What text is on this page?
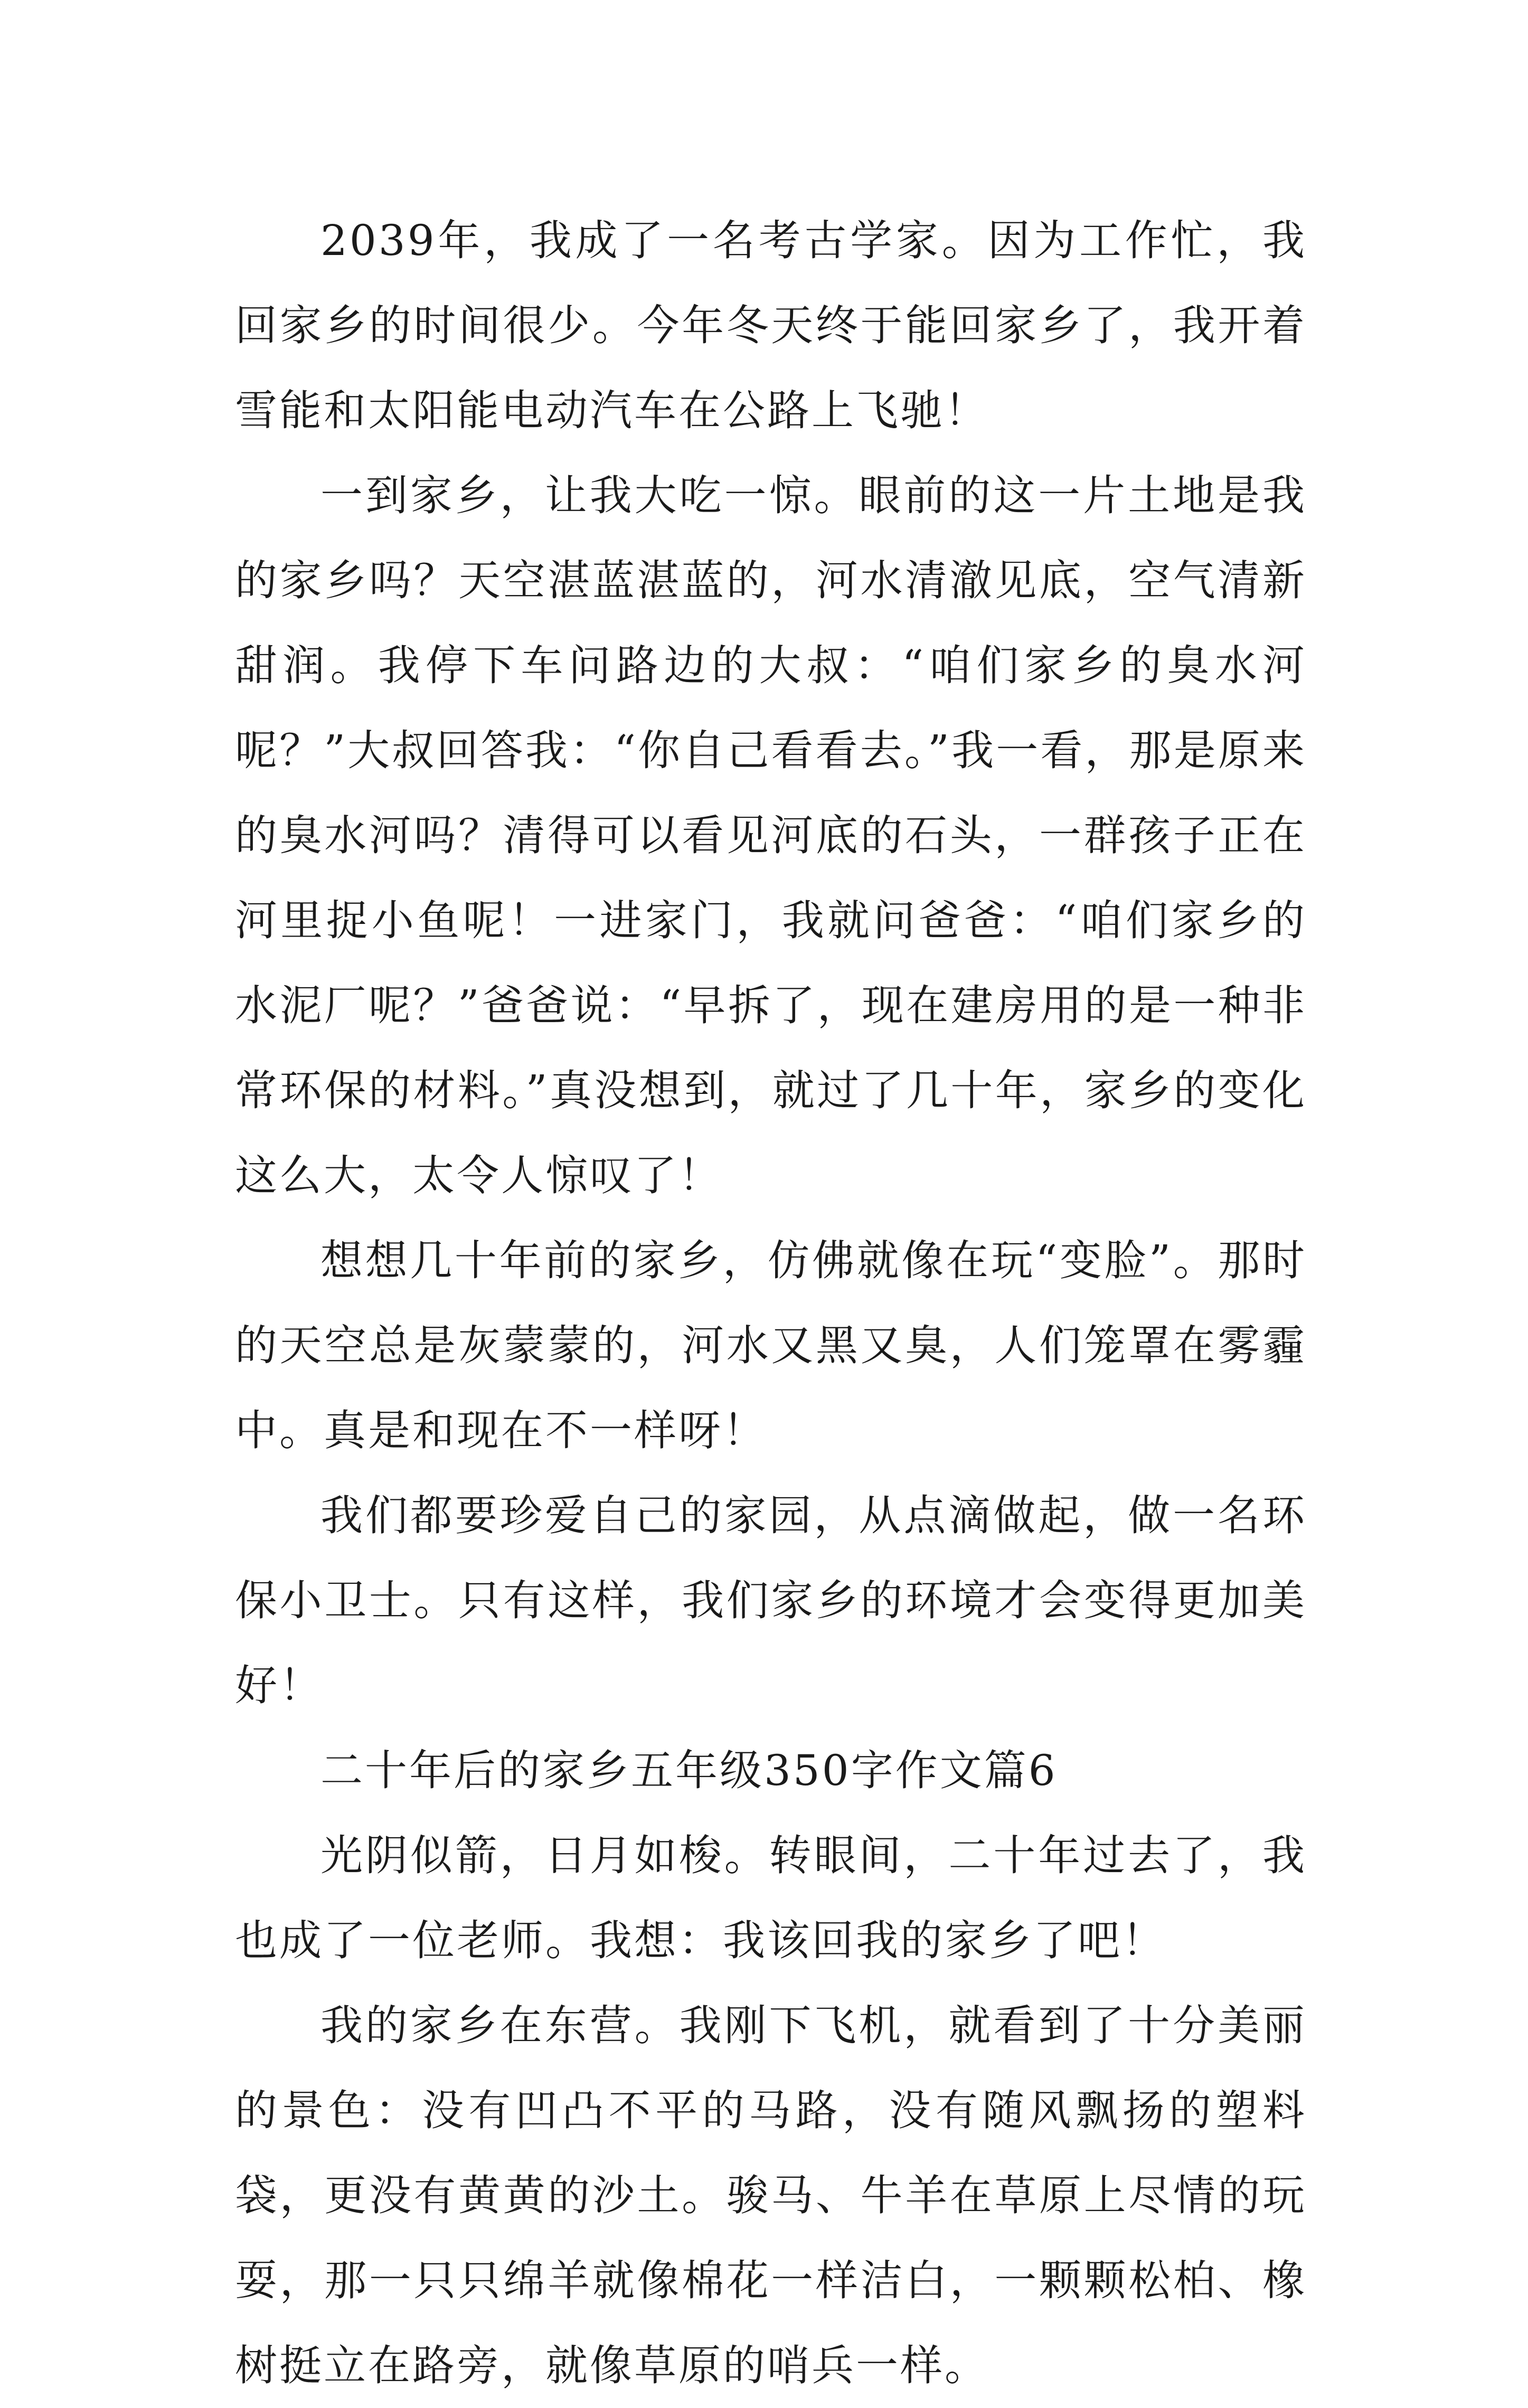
2039年，我成了一名考古学家。因为工作忙，我回家乡的时间很少。今年冬天终于能回家乡了，我开着雪能和太阳能电动汽车在公路上飞驰！

一到家乡，让我大吃一惊。眼前的这一片土地是我的家乡吗？天空湛蓝湛蓝的，河水清澈见底，空气清新甜润。我停下车问路边的大叔：“咱们家乡的臭水河呢？”大叔回答我：“你自己看看去。”我一看，那是原来的臭水河吗？清得可以看见河底的石头，一群孩子正在河里捉小鱼呢！一进家门，我就问爸爸：“咱们家乡的水泥厂呢？”爸爸说：“早拆了，现在建房用的是一种非常环保的材料。”真没想到，就过了几十年，家乡的变化这么大，太令人惊叹了！

想想几十年前的家乡，仿佛就像在玩“变脸”。那时的天空总是灰蒙蒙的，河水又黑又臭，人们笼罩在雾霾中。真是和现在不一样呀！

我们都要珍爱自己的家园，从点滴做起，做一名环保小卫士。只有这样，我们家乡的环境才会变得更加美好！

二十年后的家乡五年级350字作文篇6

光阴似箭，日月如梭。转眼间，二十年过去了，我也成了一位老师。我想：我该回我的家乡了吧！

我的家乡在东营。我刚下飞机，就看到了十分美丽的景色：没有凹凸不平的马路，没有随风飘扬的塑料袋，更没有黄黄的沙土。骏马、牛羊在草原上尽情的玩耍，那一只只绵羊就像棉花一样洁白，一颗颗松柏、橡树挺立在路旁，就像草原的哨兵一样。
